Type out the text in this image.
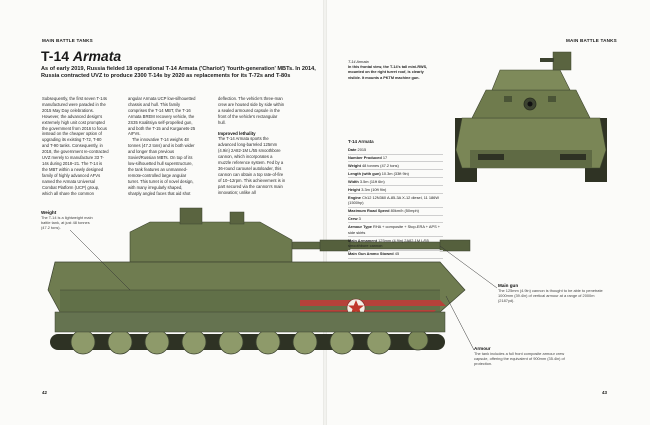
MAIN BATTLE TANKS	MAIN BATTLE TANKS
T-14 Armata
As of early 2019, Russia fielded 18 operational T-14 Armata ('Chariot') 'fourth-generation' MBTs. In 2014, Russia contracted UVZ to produce 2300 T-14s by 2020 as replacements for its T-72s and T-80s

Subsequently, the first seven T-14s manufactured were paraded in the 2015 May Day celebrations. However, the advanced design's extremely high unit cost prompted the government from 2016 to focus instead on the cheaper option of upgrading its existing T-72, T-80 and T-90 tanks. Consequently, in 2018, the government re-contracted UVZ merely to manufacture 33 T-14s during 2018–21. The T-14 is the MBT within a newly designed family of highly advanced AFVs named the Armata Universal Combat Platform (UCP) group, which all share the common

angular Armata UCP low-silhouetted chassis and hull. This family comprises the T-14 MBT, the T-16 Armata BREM recovery vehicle, the 2S35 Koalitsiya self-propelled gun, and both the T-15 and Kurganets-25 AIFVs.

The innovative T-14 weighs 48 tonnes (47.2 tons) and is both wider and longer than previous Soviet/Russian MBTs. On top of its low-silhouetted hull superstructure, the tank features an unmanned-remote-controlled large angular turret. This turret is of novel design, with many irregularly shaped, sharply angled faces that aid shot

deflection. The vehicle's three-man crew are housed side by side within a sealed armoured capsule in the front of the vehicle's rectangular hull.

Improved lethality

The T-14 Armata sports the advanced long-barreled 125mm (4.9in) 2A82-1M L/55 smoothbore cannon, which incorporates a muzzle reference system. Fed by a 36-round carousel autoloader, this cannon can obtain a top rate-of-fire of 10–12rpm. This achievement is in part secured via the cannon's main innovation; unlike all

T-14 Armata
In this frontal view, the T-14's tall mini-RWS, mounted on the right turret roof, is clearly visible. It mounts a PKTM machine gun.
T-14 Armata
Date 2015
Number Produced 17
Weight 48 tonnes (47.2 tons)
Length (with gun) 10.3m (33ft 9in)
Width 3.5m (11ft 6in)
Height 3.3m (10ft 9in)
Engine Ch12 12N360 A-85-3A X-12 diesel, 11 186W (1500hp)
Maximum Road Speed 80km/h (50mph)
Crew 3
Armour Type RHA + composite + Stop-ERA + APS + side skirts
Main Armament 125mm (4.9in) 2A82-1M L/55 smoothbore cannon
Main Gun Ammo Stowed 45
Weight
The T-14 is a lightweight main battle tank, at just 48 tonnes (47.2 tons).
Main gun
The 125mm (4.9in) cannon is thought to be able to penetrate 1000mm (39.4in) of vertical armour at a range of 2000m (2187yd).
Armour
The tank includes a full front composite armour crew capsule, offering the equivalent of 900mm (35.4in) of protection.
42	43
